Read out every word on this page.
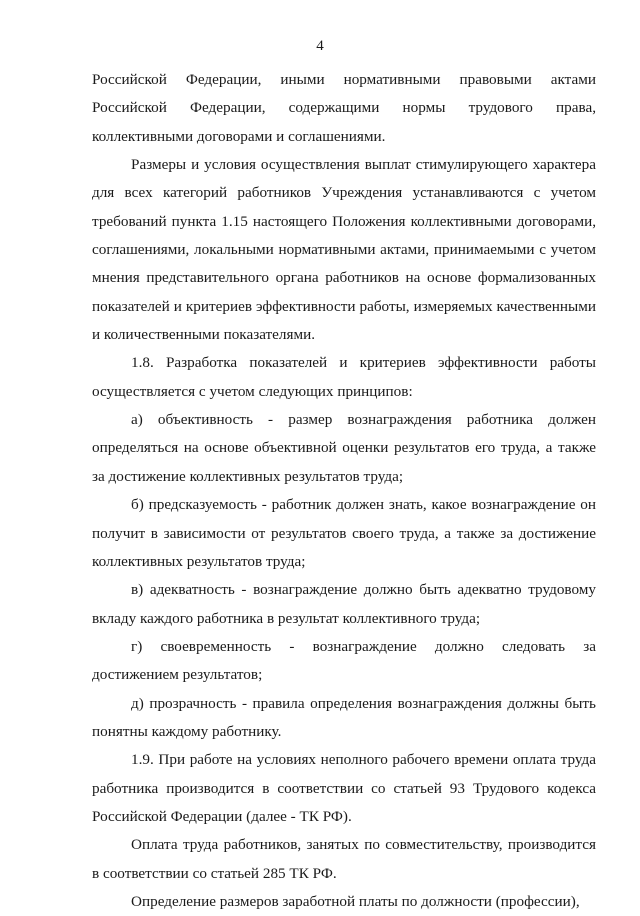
4
Российской Федерации, иными нормативными правовыми актами
Российской Федерации, содержащими нормы трудового права,
коллективными договорами и соглашениями.
Размеры и условия осуществления выплат стимулирующего характера
для всех категорий работников Учреждения устанавливаются с учетом
требований пункта 1.15 настоящего Положения коллективными договорами,
соглашениями, локальными нормативными актами, принимаемыми с учетом
мнения представительного органа работников на основе формализованных
показателей и критериев эффективности работы, измеряемых качественными
и количественными показателями.
1.8. Разработка показателей и критериев эффективности работы
осуществляется с учетом следующих принципов:
а) объективность - размер вознаграждения работника должен
определяться на основе объективной оценки результатов его труда, а также
за достижение коллективных результатов труда;
б) предсказуемость - работник должен знать, какое вознаграждение он
получит в зависимости от результатов своего труда, а также за достижение
коллективных результатов труда;
в) адекватность - вознаграждение должно быть адекватно трудовому
вкладу каждого работника в результат коллективного труда;
г) своевременность - вознаграждение должно следовать за
достижением результатов;
д) прозрачность - правила определения вознаграждения должны быть
понятны каждому работнику.
1.9. При работе на условиях неполного рабочего времени оплата труда
работника производится в соответствии со статьей 93 Трудового кодекса
Российской Федерации (далее - ТК РФ).
Оплата труда работников, занятых по совместительству, производится
в соответствии со статьей 285 ТК РФ.
Определение размеров заработной платы по должности (профессии),
